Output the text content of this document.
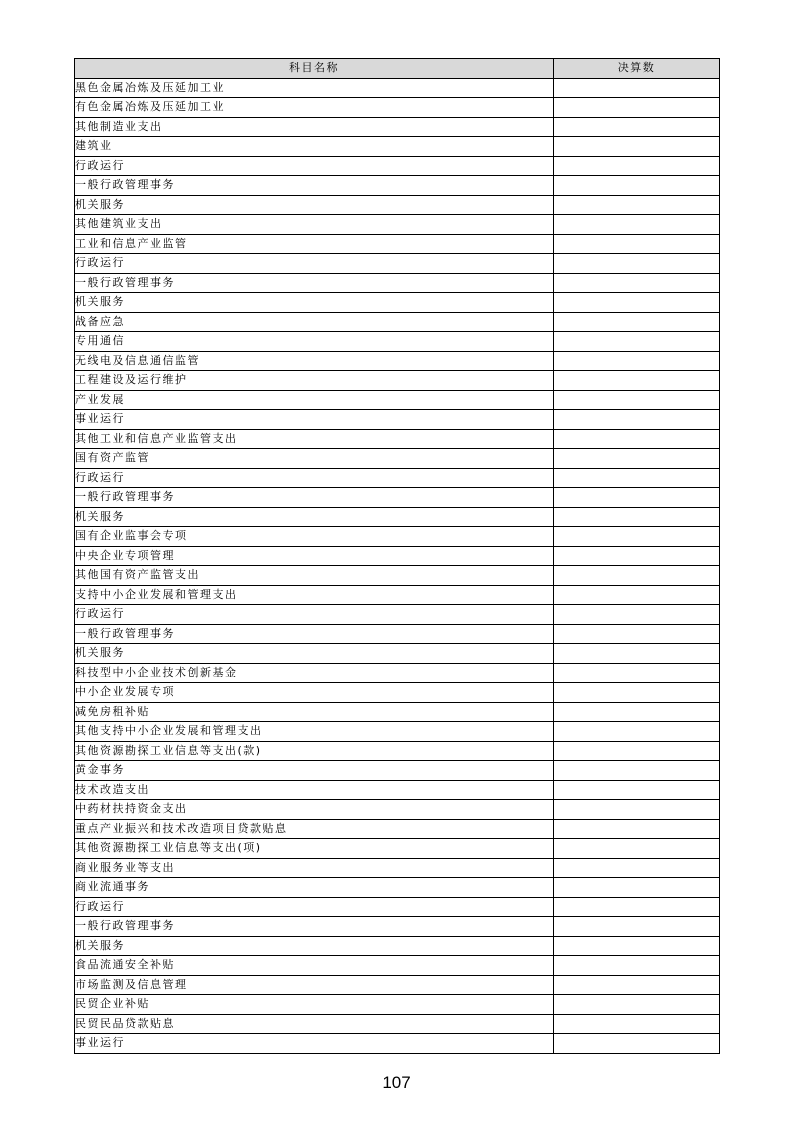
科目名称	决算数
黑色金属冶炼及压延加工业	
有色金属冶炼及压延加工业	
其他制造业支出	
建筑业	
行政运行	
一般行政管理事务	
机关服务	
其他建筑业支出	
工业和信息产业监管	
行政运行	
一般行政管理事务	
机关服务	
战备应急	
专用通信	
无线电及信息通信监管	
工程建设及运行维护	
产业发展	
事业运行	
其他工业和信息产业监管支出	
国有资产监管	
行政运行	
一般行政管理事务	
机关服务	
国有企业监事会专项	
中央企业专项管理	
其他国有资产监管支出	
支持中小企业发展和管理支出	
行政运行	
一般行政管理事务	
机关服务	
科技型中小企业技术创新基金	
中小企业发展专项	
减免房租补贴	
其他支持中小企业发展和管理支出	
其他资源勘探工业信息等支出(款)	
黄金事务	
技术改造支出	
中药材扶持资金支出	
重点产业振兴和技术改造项目贷款贴息	
其他资源勘探工业信息等支出(项)	
商业服务业等支出	
商业流通事务	
行政运行	
一般行政管理事务	
机关服务	
食品流通安全补贴	
市场监测及信息管理	
民贸企业补贴	
民贸民品贷款贴息	
事业运行	
107
